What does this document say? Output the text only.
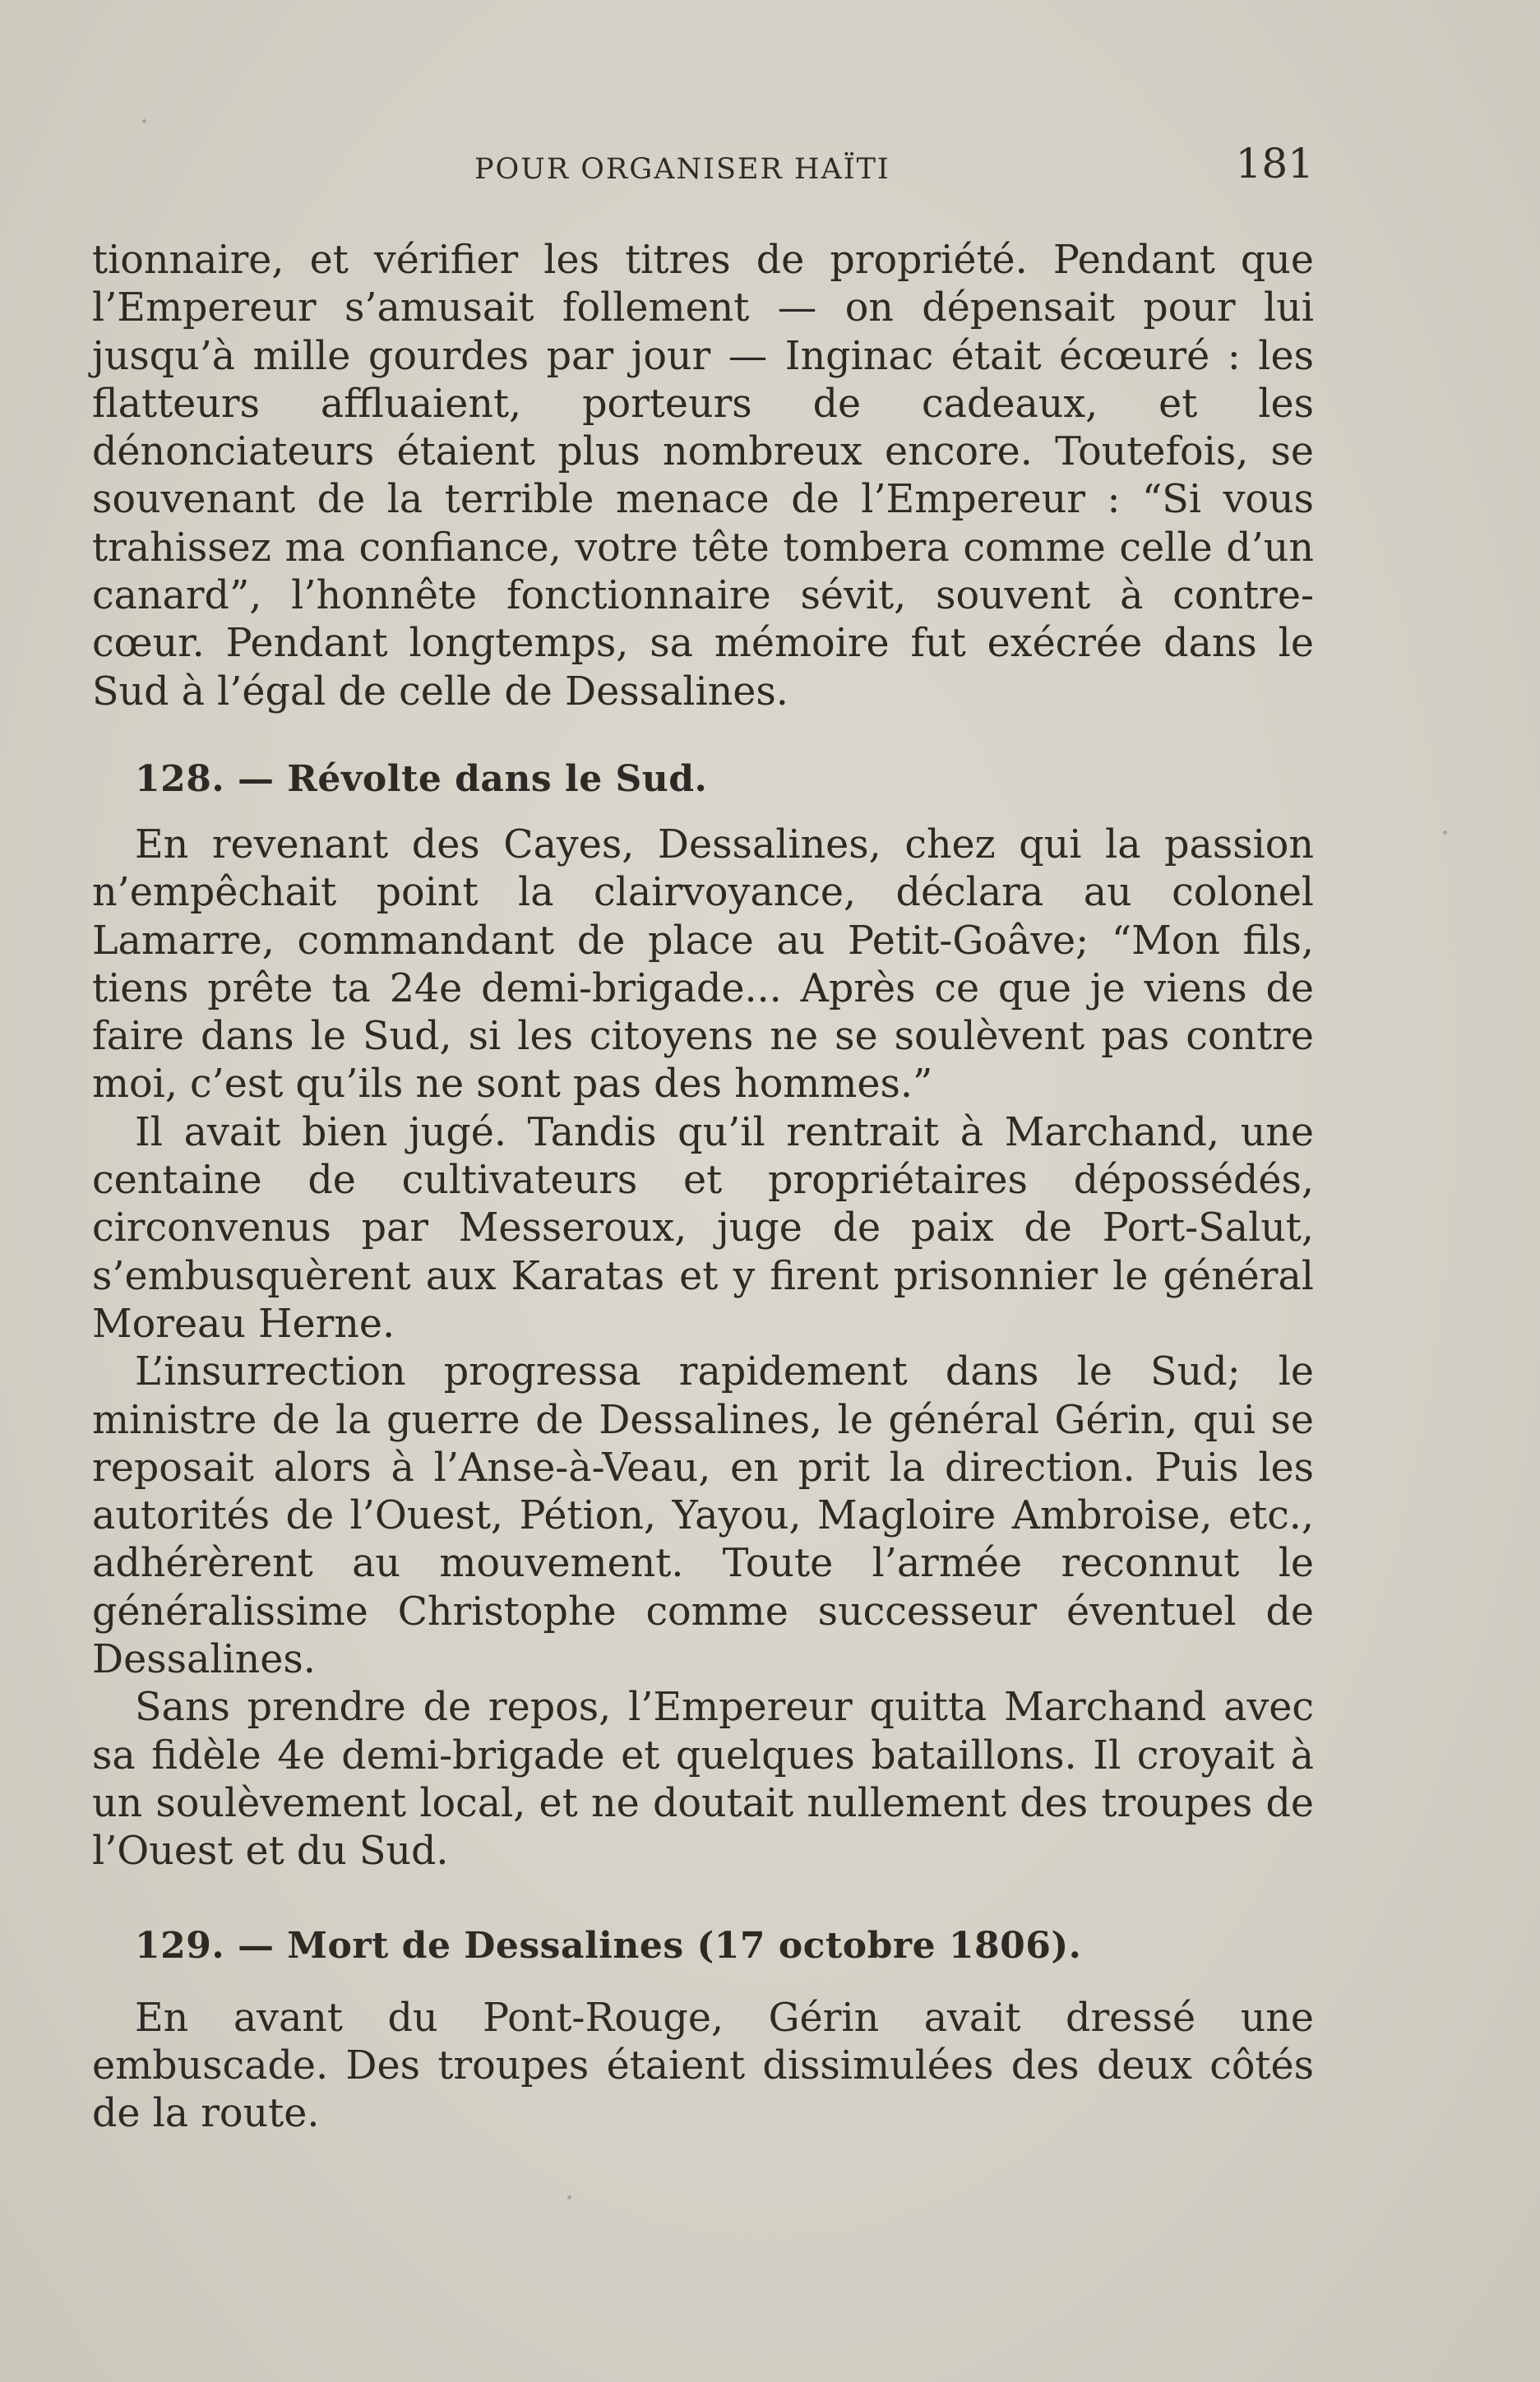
POUR ORGANISER HAÏTI	181

tionnaire, et vérifier les titres de propriété. Pendant que l’Empereur s’amusait follement — on dépensait pour lui jusqu’à mille gourdes par jour — Inginac était écœuré : les flatteurs affluaient, porteurs de cadeaux, et les dénonciateurs étaient plus nombreux encore. Toutefois, se souvenant de la terrible menace de l’Empereur : “Si vous trahissez ma confiance, votre tête tombera comme celle d’un canard”, l’honnête fonctionnaire sévit, souvent à contre-cœur. Pendant longtemps, sa mémoire fut exécrée dans le Sud à l’égal de celle de Dessalines.

128. — Révolte dans le Sud.

En revenant des Cayes, Dessalines, chez qui la passion n’empêchait point la clairvoyance, déclara au colonel Lamarre, commandant de place au Petit-Goâve; “Mon fils, tiens prête ta 24e demi-brigade... Après ce que je viens de faire dans le Sud, si les citoyens ne se soulèvent pas contre moi, c’est qu’ils ne sont pas des hommes.”

Il avait bien jugé. Tandis qu’il rentrait à Marchand, une centaine de cultivateurs et propriétaires dépossédés, circonvenus par Messeroux, juge de paix de Port-Salut, s’embusquèrent aux Karatas et y firent prisonnier le général Moreau Herne.

L’insurrection progressa rapidement dans le Sud; le ministre de la guerre de Dessalines, le général Gérin, qui se reposait alors à l’Anse-à-Veau, en prit la direction. Puis les autorités de l’Ouest, Pétion, Yayou, Magloire Ambroise, etc., adhérèrent au mouvement. Toute l’armée reconnut le généralissime Christophe comme successeur éventuel de Dessalines.

Sans prendre de repos, l’Empereur quitta Marchand avec sa fidèle 4e demi-brigade et quelques bataillons. Il croyait à un soulèvement local, et ne doutait nullement des troupes de l’Ouest et du Sud.

129. — Mort de Dessalines (17 octobre 1806).

En avant du Pont-Rouge, Gérin avait dressé une embuscade. Des troupes étaient dissimulées des deux côtés de la route.
